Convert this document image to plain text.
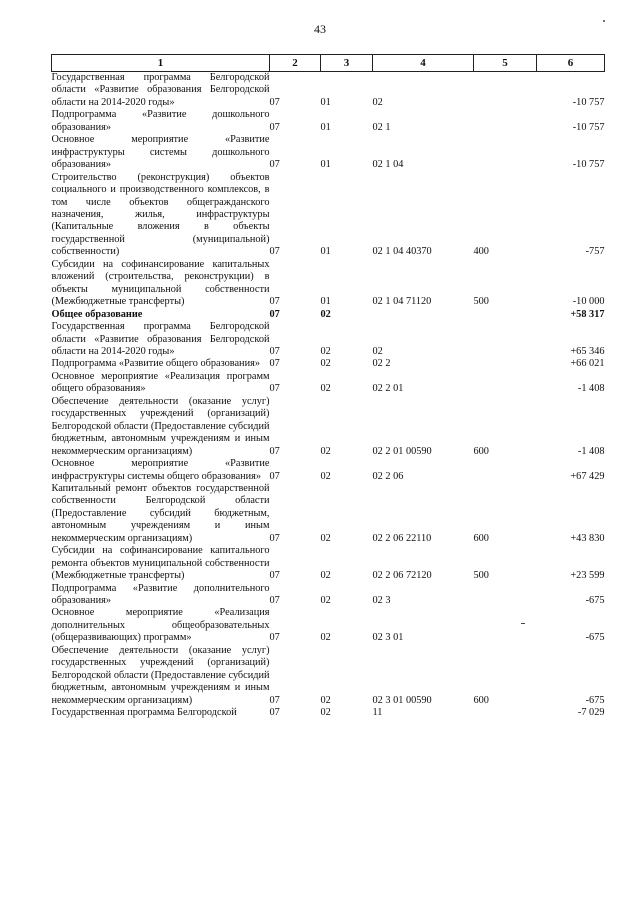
43
1	2	3	4	5	6
Государственная программа Белгородской области «Развитие образования Белгородской области на 2014-2020 годы»	07	01	02		-10 757
Подпрограмма «Развитие дошкольного образования»	07	01	02 1		-10 757
Основное мероприятие «Развитие инфраструктуры системы дошкольного образования»	07	01	02 1 04		-10 757
Строительство (реконструкция) объектов социального и производственного комплексов, в том числе объектов общегражданского назначения, жилья, инфраструктуры (Капитальные вложения в объекты государственной (муниципальной) собственности)	07	01	02 1 04 40370	400	-757
Субсидии на софинансирование капитальных вложений (строительства, реконструкции) в объекты муниципальной собственности (Межбюджетные трансферты)	07	01	02 1 04 71120	500	-10 000
Общее образование	07	02			+58 317
Государственная программа Белгородской области «Развитие образования Белгородской области на 2014-2020 годы»	07	02	02		+65 346
Подпрограмма «Развитие общего образования»	07	02	02 2		+66 021
Основное мероприятие «Реализация программ общего образования»	07	02	02 2 01		-1 408
Обеспечение деятельности (оказание услуг) государственных учреждений (организаций) Белгородской области (Предоставление субсидий бюджетным, автономным учреждениям и иным некоммерческим организациям)	07	02	02 2 01 00590	600	-1 408
Основное мероприятие «Развитие инфраструктуры системы общего образования»	07	02	02 2 06		+67 429
Капитальный ремонт объектов государственной собственности Белгородской области (Предоставление субсидий бюджетным, автономным учреждениям и иным некоммерческим организациям)	07	02	02 2 06 22110	600	+43 830
Субсидии на софинансирование капитального ремонта объектов муниципальной собственности (Межбюджетные трансферты)	07	02	02 2 06 72120	500	+23 599
Подпрограмма «Развитие дополнительного образования»	07	02	02 3		-675
Основное мероприятие «Реализация дополнительных общеобразовательных (общеразвивающих) программ»	07	02	02 3 01		-675
Обеспечение деятельности (оказание услуг) государственных учреждений (организаций) Белгородской области (Предоставление субсидий бюджетным, автономным учреждениям и иным некоммерческим организациям)	07	02	02 3 01 00590	600	-675
Государственная программа Белгородской	07	02	11		-7 029
